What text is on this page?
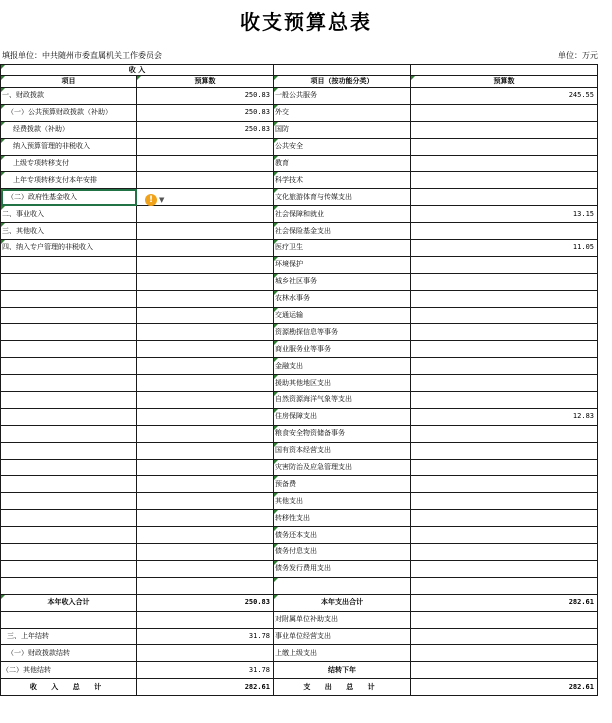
收支预算总表
填报单位：中共随州市委直属机关工作委员会	单位：万元
收 入			
项目	预算数	项目（按功能分类）	预算数
一、财政拨款	250.83	一般公共服务	245.55
（一）公共预算财政拨款（补助）	250.83	外交	
经费拨款（补助）	250.83	国防	
纳入预算管理的非税收入		公共安全	
上级专项转移支付		教育	
上年专项转移支付本年安排		科学技术	
（二）政府性基金收入		文化旅游体育与传媒支出	
二、事业收入		社会保障和就业	13.15
三、其他收入		社会保险基金支出	
四、纳入专户管理的非税收入		医疗卫生	11.05
		环境保护	
		城乡社区事务	
		农林水事务	
		交通运输	
		资源勘探信息等事务	
		商业服务业等事务	
		金融支出	
		援助其他地区支出	
		自然资源海洋气象等支出	
		住房保障支出	12.83
		粮食安全物资储备事务	
		国有资本经营支出	
		灾害防治及应急管理支出	
		预备费	
		其他支出	
		转移性支出	
		债务还本支出	
		债务付息支出	
		债务发行费用支出	

本年收入合计	250.83	本年支出合计	282.61
		对附属单位补助支出	
三、上年结转	31.78	事业单位经营支出	
（一）财政拨款结转		上缴上级支出	
（二）其他结转	31.78	结转下年	
收 入 总 计	282.61	支 出 总 计	282.61
! ▼
